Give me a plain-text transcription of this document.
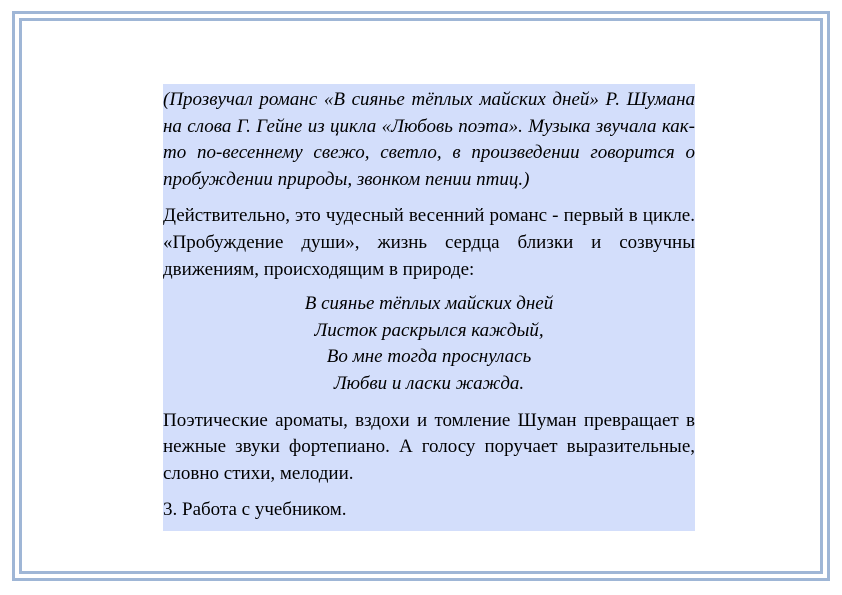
(Прозвучал романс «В сиянье тёплых майских дней» Р. Шумана на слова Г. Гейне из цикла «Любовь поэта». Музыка звучала как-то по-весеннему свежо, светло, в произведении говорится о пробуждении природы, звонком пении птиц.)

Действительно, это чудесный весенний романс - первый в цикле. «Пробуждение души», жизнь сердца близки и созвучны движениям, происходящим в природе:

В сиянье тёплых майских дней
Листок раскрылся каждый,
Во мне тогда проснулась
Любви и ласки жажда.

Поэтические ароматы, вздохи и томление Шуман превращает в нежные звуки фортепиано. А голосу поручает выразительные, словно стихи, мелодии.

3. Работа с учебником.
